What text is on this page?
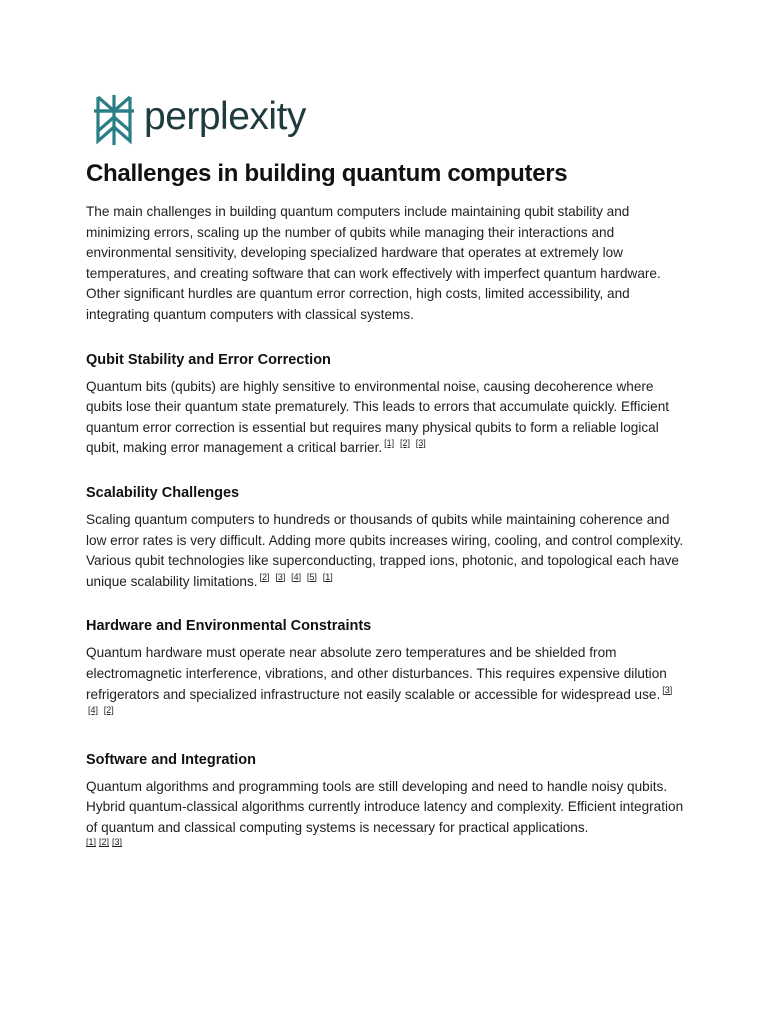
perplexity
Challenges in building quantum computers

The main challenges in building quantum computers include maintaining qubit stability and minimizing errors, scaling up the number of qubits while managing their interactions and environmental sensitivity, developing specialized hardware that operates at extremely low temperatures, and creating software that can work effectively with imperfect quantum hardware. Other significant hurdles are quantum error correction, high costs, limited accessibility, and integrating quantum computers with classical systems.

Qubit Stability and Error Correction

Quantum bits (qubits) are highly sensitive to environmental noise, causing decoherence where qubits lose their quantum state prematurely. This leads to errors that accumulate quickly. Efficient quantum error correction is essential but requires many physical qubits to form a reliable logical qubit, making error management a critical barrier. [1] [2] [3]

Scalability Challenges

Scaling quantum computers to hundreds or thousands of qubits while maintaining coherence and low error rates is very difficult. Adding more qubits increases wiring, cooling, and control complexity. Various qubit technologies like superconducting, trapped ions, photonic, and topological each have unique scalability limitations. [2] [3] [4] [5] [1]

Hardware and Environmental Constraints

Quantum hardware must operate near absolute zero temperatures and be shielded from electromagnetic interference, vibrations, and other disturbances. This requires expensive dilution refrigerators and specialized infrastructure not easily scalable or accessible for widespread use. [3] [4] [2]

Software and Integration

Quantum algorithms and programming tools are still developing and need to handle noisy qubits. Hybrid quantum-classical algorithms currently introduce latency and complexity. Efficient integration of quantum and classical computing systems is necessary for practical applications.

[1] [2] [3]
